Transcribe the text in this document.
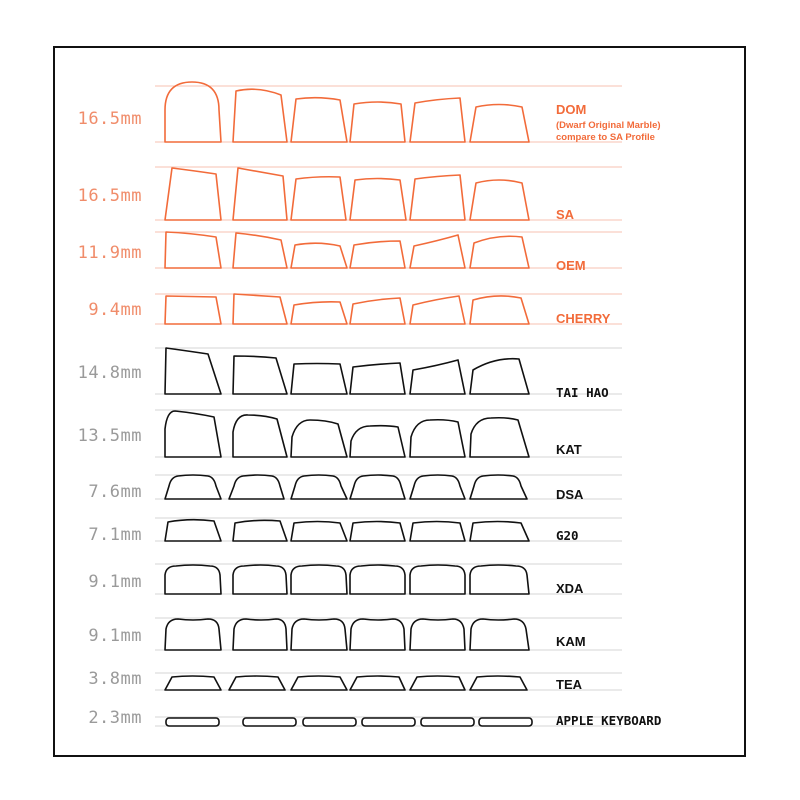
16.5mm
16.5mm
11.9mm
9.4mm
14.8mm
13.5mm
7.6mm
7.1mm
9.1mm
9.1mm
3.8mm
2.3mm
DOM
(Dwarf Original Marble)
compare to SA Profile
SA
OEM
CHERRY
TAI HAO
KAT
DSA
G20
XDA
KAM
TEA
APPLE KEYBOARD
